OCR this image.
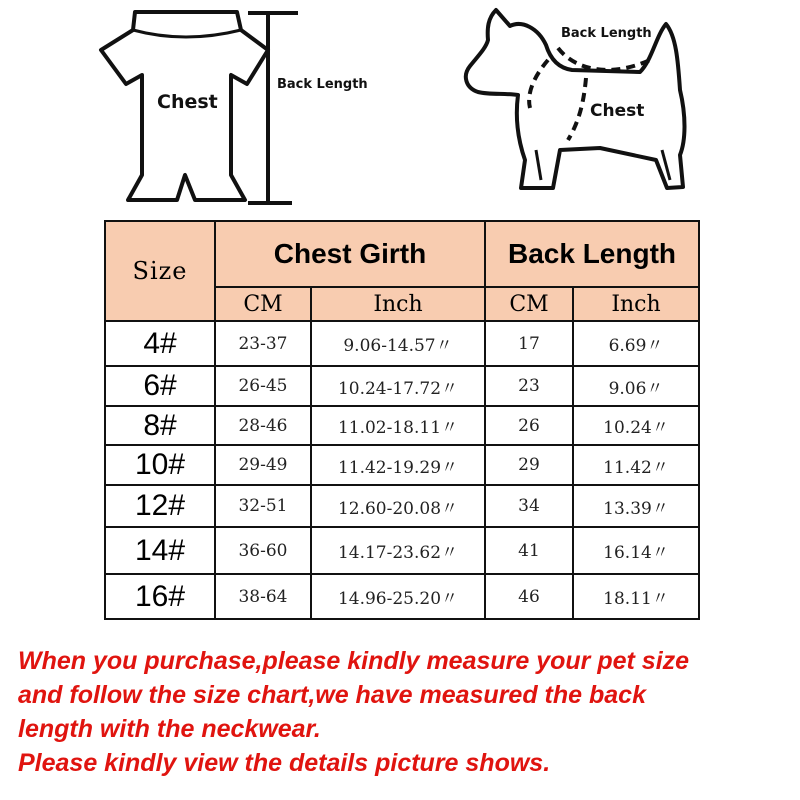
Chest
Back Length
Back Length
Chest
Size	Chest Girth		Back Length	
	CM	Inch	CM	Inch
4#	23-37	9.06-14.57〃	17	6.69〃
6#	26-45	10.24-17.72〃	23	9.06〃
8#	28-46	11.02-18.11〃	26	10.24〃
10#	29-49	11.42-19.29〃	29	11.42〃
12#	32-51	12.60-20.08〃	34	13.39〃
14#	36-60	14.17-23.62〃	41	16.14〃
16#	38-64	14.96-25.20〃	46	18.11〃
When you purchase,please kindly measure your pet size
and follow the size chart,we have measured the back
length with the neckwear.
Please kindly view the details picture shows.
